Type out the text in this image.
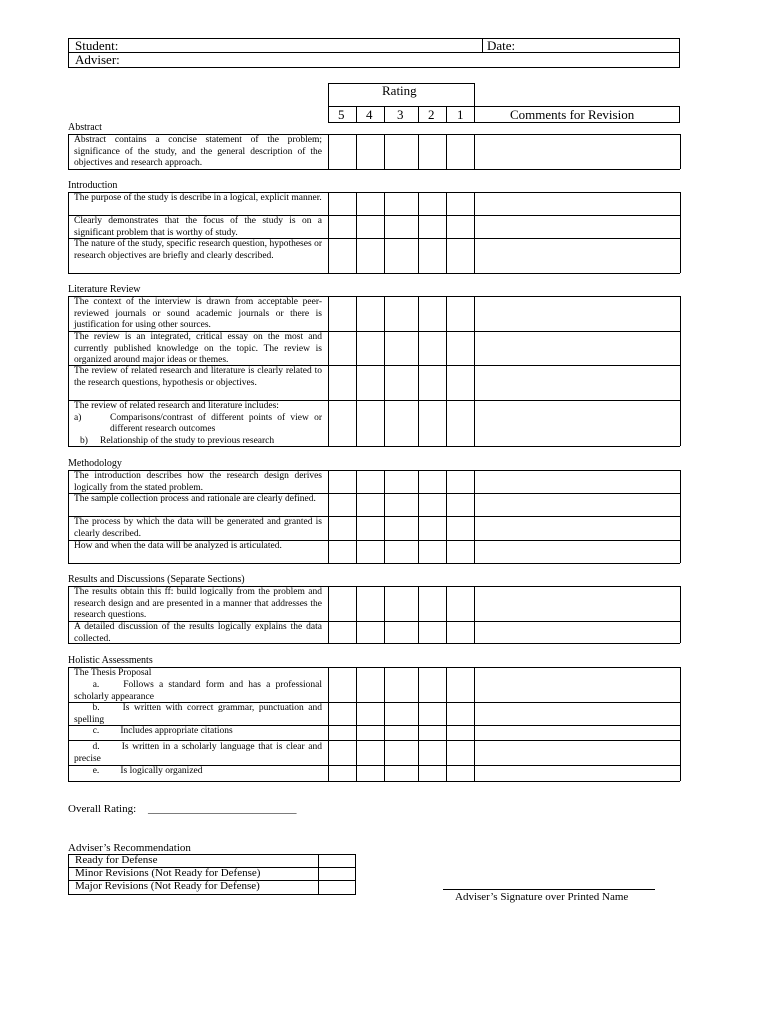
Student:	Date:
Adviser:
Rating
5 4 3 2 1	Comments for Revision
Abstract
Introduction
Literature Review
Methodology
Results and Discussions (Separate Sections)
Holistic Assessments
Abstract contains a concise statement of the problem; significance of the study, and the general description of the objectives and research approach.
The purpose of the study is describe in a logical, explicit manner.
Clearly demonstrates that the focus of the study is on a significant problem that is worthy of study.
The nature of the study, specific research question, hypotheses or research objectives are briefly and clearly described.
The context of the interview is drawn from acceptable peer-reviewed journals or sound academic journals or there is justification for using other sources.
The review is an integrated, critical essay on the most and currently published knowledge on the topic. The review is organized around major ideas or themes.
The review of related research and literature is clearly related to the research questions, hypothesis or objectives.
The review of related research and literature includes:
a)	Comparisons/contrast of different points of view or different research outcomes
b)	Relationship of the study to previous research
The introduction describes how the research design derives logically from the stated problem.
The sample collection process and rationale are clearly defined.
The process by which the data will be generated and granted is clearly described.
How and when the data will be analyzed is articulated.
The results obtain this ff: build logically from the problem and research design and are presented in a manner that addresses the research questions.
A detailed discussion of the results logically explains the data collected.
The Thesis Proposal
a.	Follows a standard form and has a professional scholarly appearance
b. Is written with correct grammar, punctuation and spelling
c. Includes appropriate citations
d. Is written in a scholarly language that is clear and precise
e. Is logically organized
Overall Rating: ___________________________
Adviser’s Recommendation
Ready for Defense
Minor Revisions (Not Ready for Defense)
Major Revisions (Not Ready for Defense)
Adviser’s Signature over Printed Name
